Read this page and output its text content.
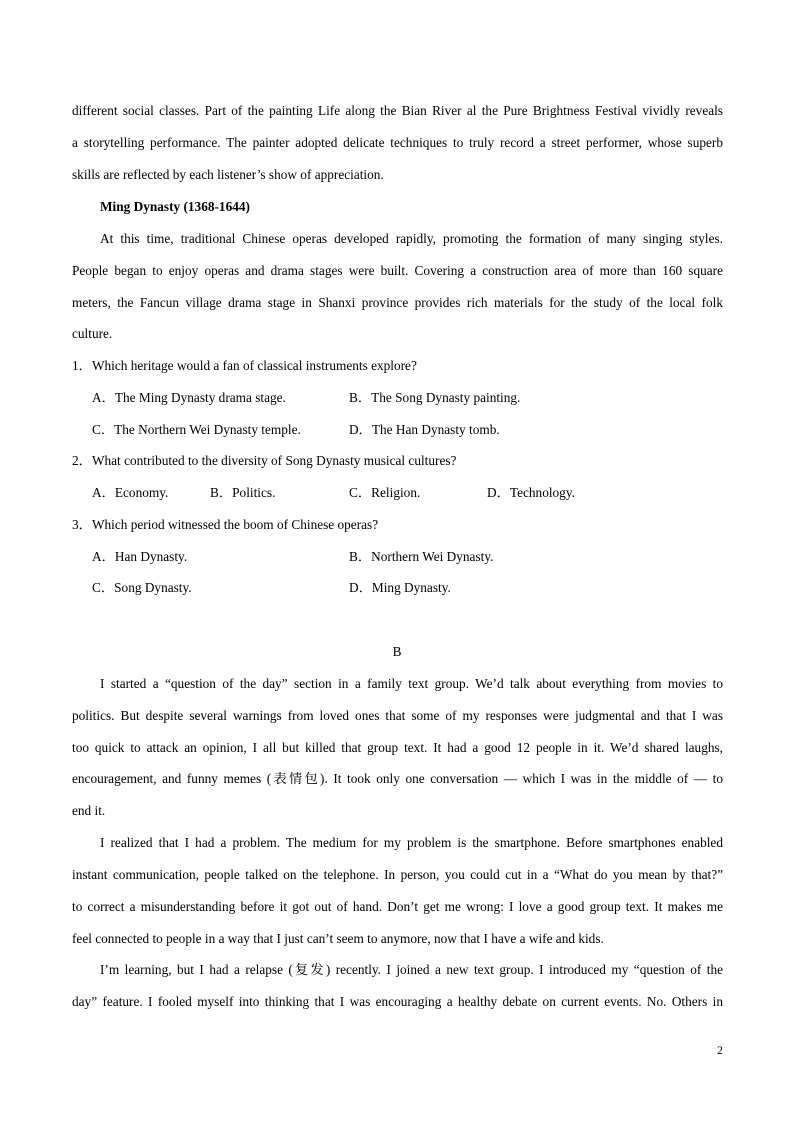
different social classes. Part of the painting Life along the Bian River al the Pure Brightness Festival vividly reveals
a storytelling performance. The painter adopted delicate techniques to truly record a street performer, whose superb
skills are reflected by each listener’s show of appreciation.
Ming Dynasty (1368-1644)
At this time, traditional Chinese operas developed rapidly, promoting the formation of many singing styles.
People began to enjoy operas and drama stages were built. Covering a construction area of more than 160 square
meters, the Fancun village drama stage in Shanxi province provides rich materials for the study of the local folk
culture.
1．Which heritage would a fan of classical instruments explore?
A．The Ming Dynasty drama stage.	B．The Song Dynasty painting.
C．The Northern Wei Dynasty temple.	D．The Han Dynasty tomb.
2．What contributed to the diversity of Song Dynasty musical cultures?
A．Economy.	B．Politics.	C．Religion.	D．Technology.
3．Which period witnessed the boom of Chinese operas?
A．Han Dynasty.	B．Northern Wei Dynasty.
C．Song Dynasty.	D．Ming Dynasty.
B
I started a “question of the day” section in a family text group. We’d talk about everything from movies to
politics. But despite several warnings from loved ones that some of my responses were judgmental and that I was
too quick to attack an opinion, I all but killed that group text. It had a good 12 people in it. We’d shared laughs,
encouragement, and funny memes (表情包). It took only one conversation — which I was in the middle of — to
end it.
I realized that I had a problem. The medium for my problem is the smartphone. Before smartphones enabled
instant communication, people talked on the telephone. In person, you could cut in a “What do you mean by that?”
to correct a misunderstanding before it got out of hand. Don’t get me wrong: I love a good group text. It makes me
feel connected to people in a way that I just can’t seem to anymore, now that I have a wife and kids.
I’m learning, but I had a relapse (复发) recently. I joined a new text group. I introduced my “question of the
day” feature. I fooled myself into thinking that I was encouraging a healthy debate on current events. No. Others in
2
